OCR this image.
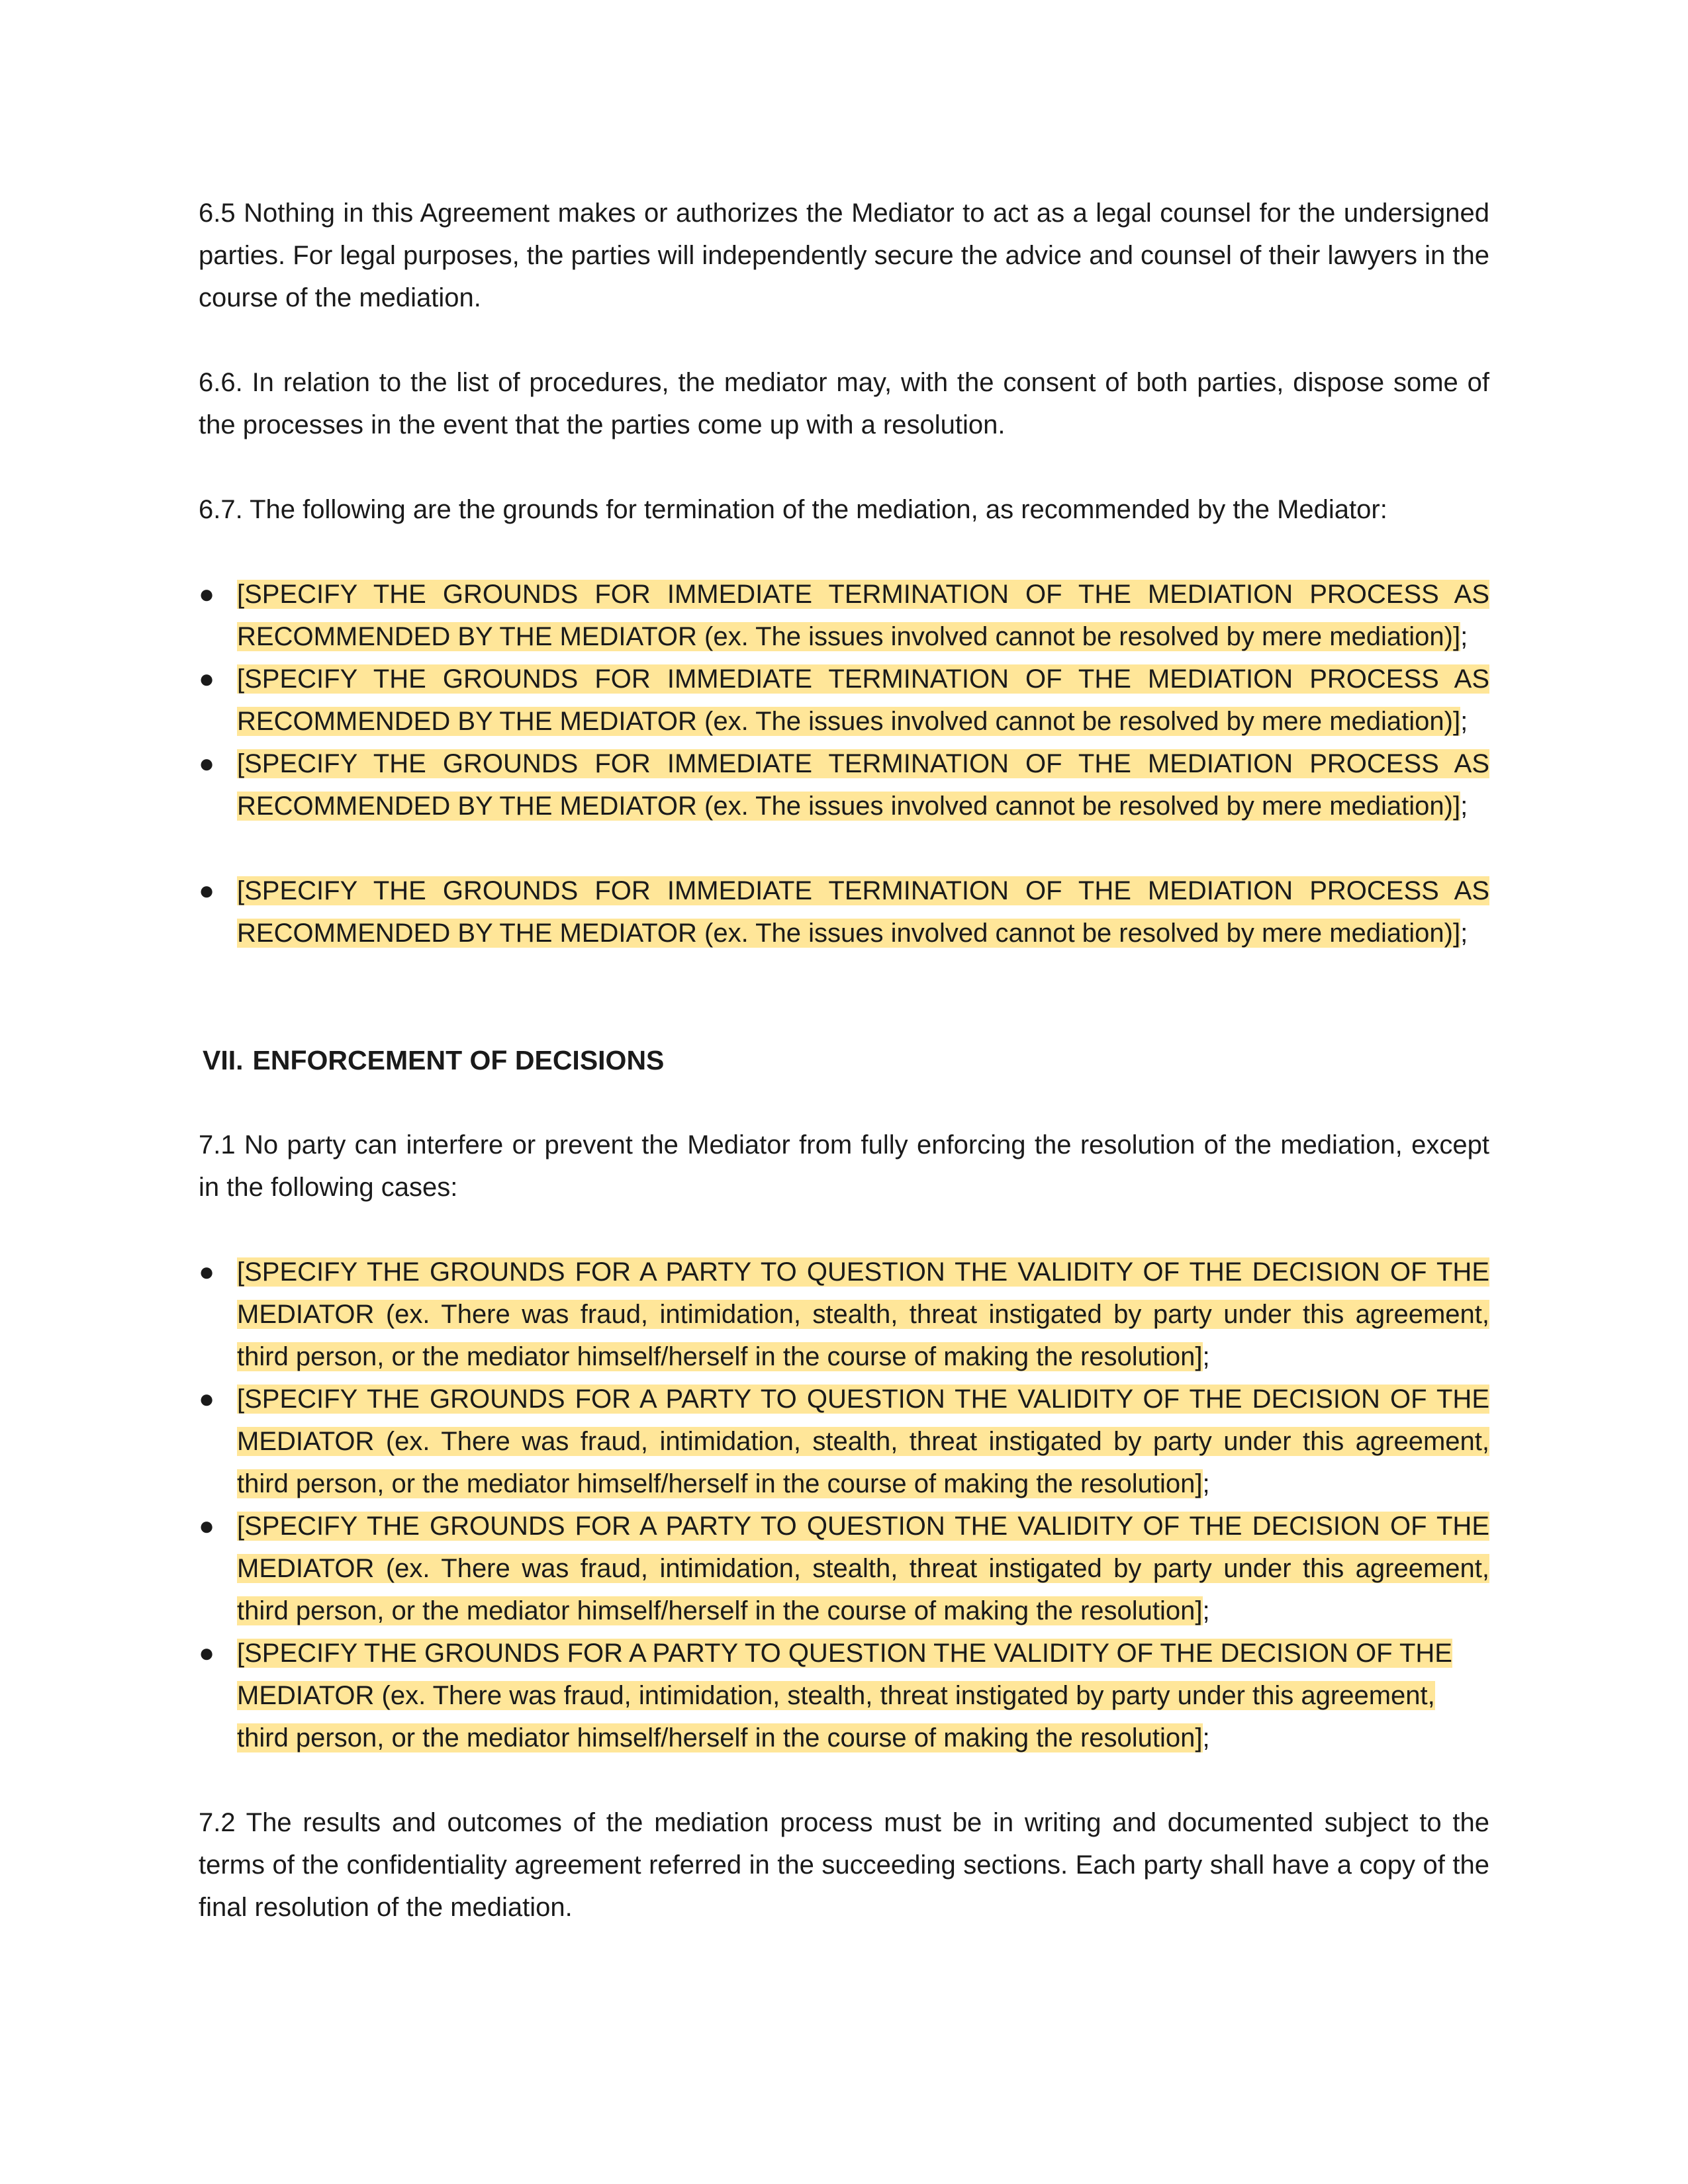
6.5 Nothing in this Agreement makes or authorizes the Mediator to act as a legal counsel for the undersigned parties. For legal purposes, the parties will independently secure the advice and counsel of their lawyers in the course of the mediation.

6.6. In relation to the list of procedures, the mediator may, with the consent of both parties, dispose some of the processes in the event that the parties come up with a resolution.

6.7. The following are the grounds for termination of the mediation, as recommended by the Mediator:

● [SPECIFY THE GROUNDS FOR IMMEDIATE TERMINATION OF THE MEDIATION PROCESS AS RECOMMENDED BY THE MEDIATOR (ex. The issues involved cannot be resolved by mere mediation)];
● [SPECIFY THE GROUNDS FOR IMMEDIATE TERMINATION OF THE MEDIATION PROCESS AS RECOMMENDED BY THE MEDIATOR (ex. The issues involved cannot be resolved by mere mediation)];
● [SPECIFY THE GROUNDS FOR IMMEDIATE TERMINATION OF THE MEDIATION PROCESS AS RECOMMENDED BY THE MEDIATOR (ex. The issues involved cannot be resolved by mere mediation)];
● [SPECIFY THE GROUNDS FOR IMMEDIATE TERMINATION OF THE MEDIATION PROCESS AS RECOMMENDED BY THE MEDIATOR (ex. The issues involved cannot be resolved by mere mediation)];
VII. ENFORCEMENT OF DECISIONS

7.1 No party can interfere or prevent the Mediator from fully enforcing the resolution of the mediation, except in the following cases:

● [SPECIFY THE GROUNDS FOR A PARTY TO QUESTION THE VALIDITY OF THE DECISION OF THE MEDIATOR (ex. There was fraud, intimidation, stealth, threat instigated by party under this agreement, third person, or the mediator himself/herself in the course of making the resolution];
● [SPECIFY THE GROUNDS FOR A PARTY TO QUESTION THE VALIDITY OF THE DECISION OF THE MEDIATOR (ex. There was fraud, intimidation, stealth, threat instigated by party under this agreement, third person, or the mediator himself/herself in the course of making the resolution];
● [SPECIFY THE GROUNDS FOR A PARTY TO QUESTION THE VALIDITY OF THE DECISION OF THE MEDIATOR (ex. There was fraud, intimidation, stealth, threat instigated by party under this agreement, third person, or the mediator himself/herself in the course of making the resolution];
● [SPECIFY THE GROUNDS FOR A PARTY TO QUESTION THE VALIDITY OF THE DECISION OF THE MEDIATOR (ex. There was fraud, intimidation, stealth, threat instigated by party under this agreement, third person, or the mediator himself/herself in the course of making the resolution];

7.2 The results and outcomes of the mediation process must be in writing and documented subject to the terms of the confidentiality agreement referred in the succeeding sections. Each party shall have a copy of the final resolution of the mediation.
